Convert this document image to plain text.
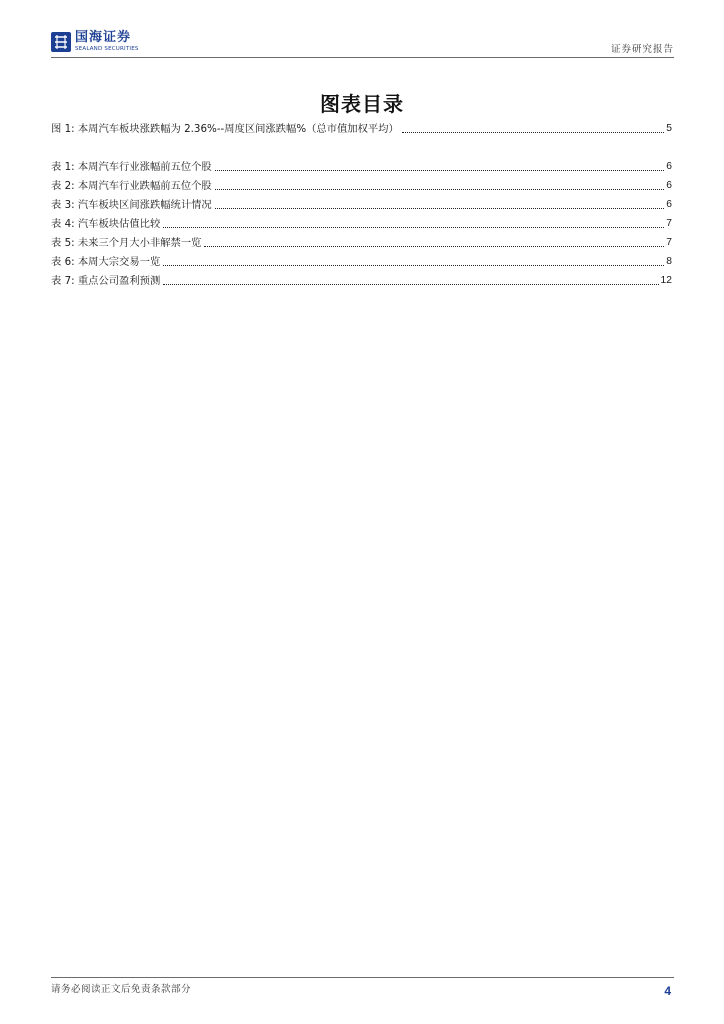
国海证券
SEALAND SECURITIES	证券研究报告
图表目录
图 1: 本周汽车板块涨跌幅为 2.36%--周度区间涨跌幅%（总市值加权平均）	5
表 1: 本周汽车行业涨幅前五位个股	6
表 2: 本周汽车行业跌幅前五位个股	6
表 3: 汽车板块区间涨跌幅统计情况	6
表 4: 汽车板块估值比较	7
表 5: 未来三个月大小非解禁一览	7
表 6: 本周大宗交易一览	8
表 7: 重点公司盈利预测	12
请务必阅读正文后免责条款部分	4
